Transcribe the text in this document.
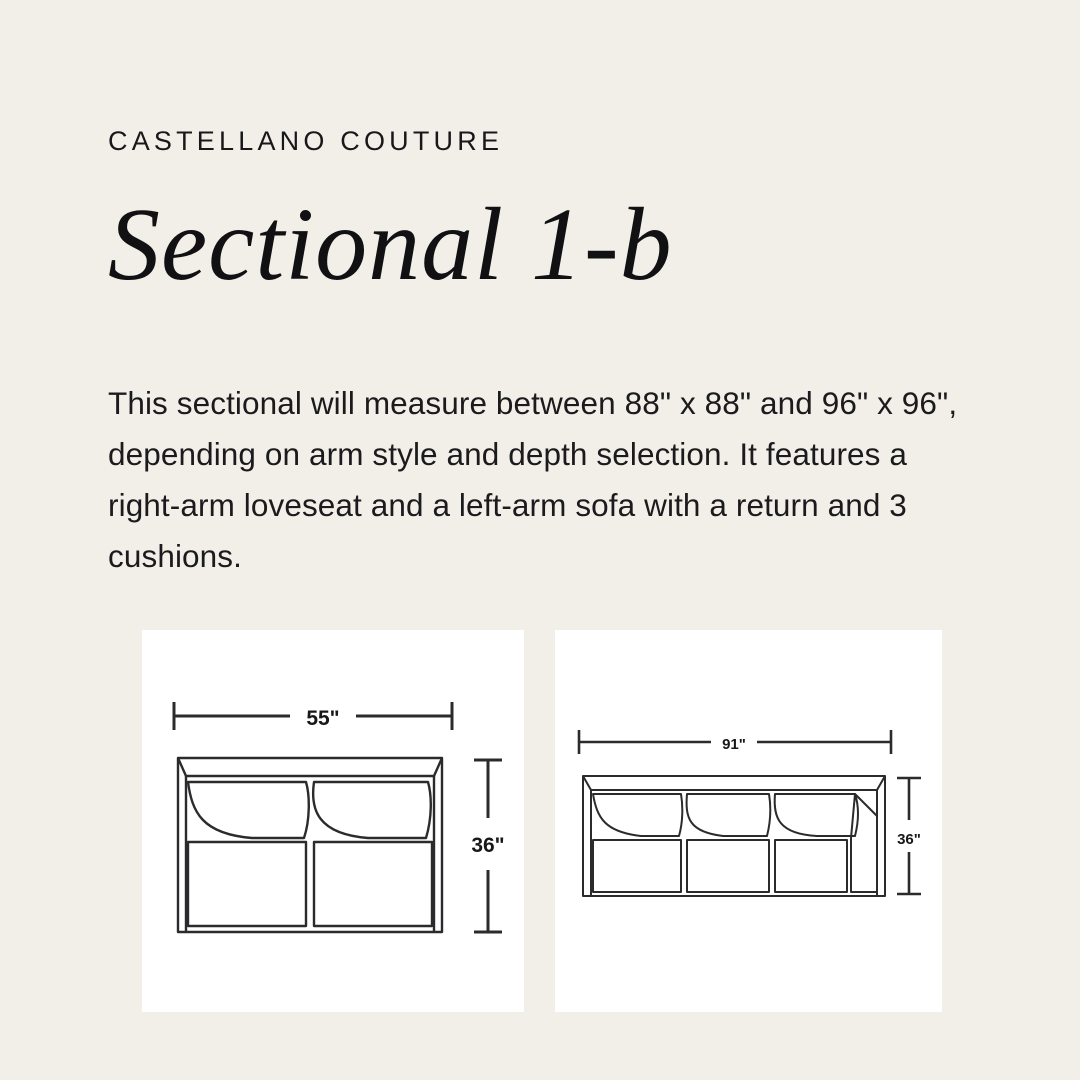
CASTELLANO COUTURE
Sectional 1-b
This sectional will measure between 88" x 88" and 96" x 96", depending on arm style and depth selection. It features a right-arm loveseat and a left-arm sofa with a return and 3 cushions.
55"
36"
91"
36"
